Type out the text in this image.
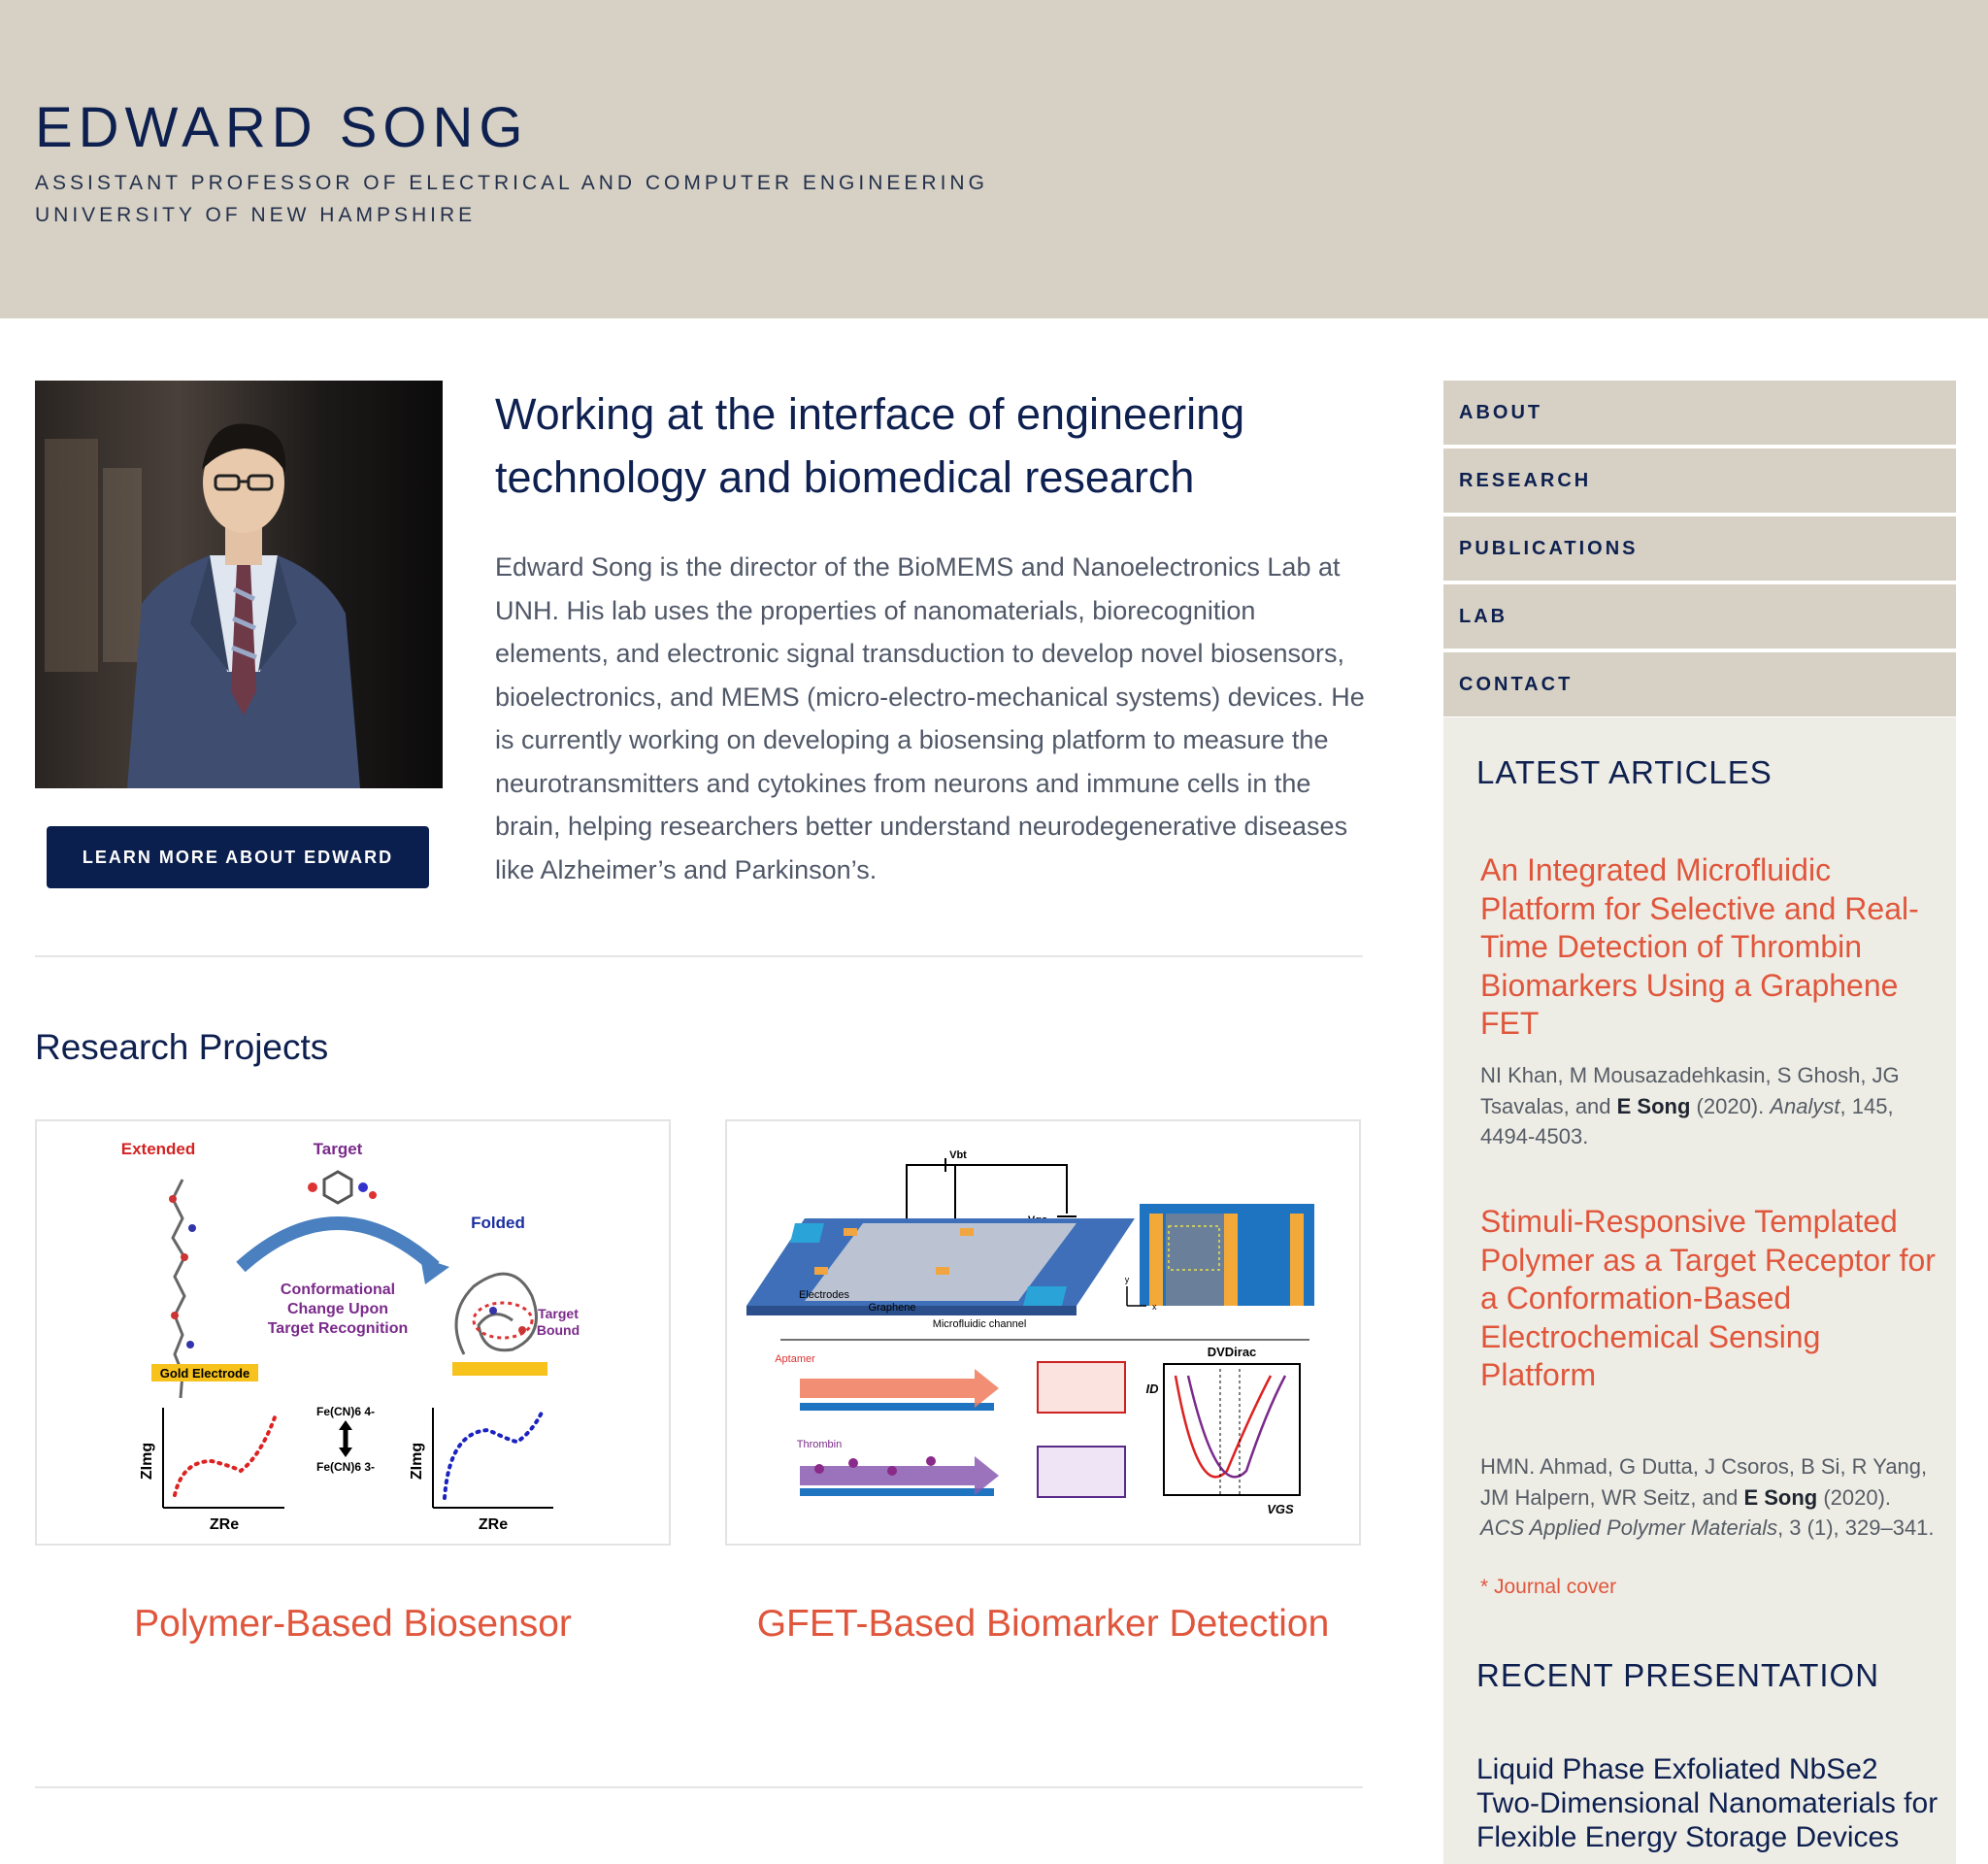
EDWARD SONG
ASSISTANT PROFESSOR OF ELECTRICAL AND COMPUTER ENGINEERING
UNIVERSITY OF NEW HAMPSHIRE
LEARN MORE ABOUT EDWARD
Working at the interface of engineering technology and biomedical research

Edward Song is the director of the BioMEMS and Nanoelectronics Lab at UNH. His lab uses the properties of nanomaterials, biorecognition elements, and electronic signal transduction to develop novel biosensors, bioelectronics, and MEMS (micro-electro-mechanical systems) devices. He is currently working on developing a biosensing platform to measure the neurotransmitters and cytokines from neurons and immune cells in the brain, helping researchers better understand neurodegenerative diseases like Alzheimer’s and Parkinson’s.

Research Projects
Extended	Target
Folded
Conformational
Change Upon
Target Recognition
Target
Bound
Gold Electrode
ZImg
ZRe
Fe(CN)6 4-
Fe(CN)6 3- ZImg
ZRe
Polymer-Based Biosensor
Vbt
Electrodes
Graphene
Microfluidic channel
y
x
Aptamer
Thrombin
ID
VGS
DVDirac
GFET-Based Biomarker Detection
ABOUT
RESEARCH
PUBLICATIONS
LAB
CONTACT
LATEST ARTICLES
An Integrated Microfluidic Platform for Selective and Real-Time Detection of Thrombin Biomarkers Using a Graphene FET
NI Khan, M Mousazadehkasin, S Ghosh, JG Tsavalas, and E Song (2020). Analyst, 145, 4494-4503.
Stimuli-Responsive Templated Polymer as a Target Receptor for a Conformation-Based Electrochemical Sensing Platform
HMN. Ahmad, G Dutta, J Csoros, B Si, R Yang, JM Halpern, WR Seitz, and E Song (2020). ACS Applied Polymer Materials, 3 (1), 329–341.
* Journal cover
RECENT PRESENTATION
Liquid Phase Exfoliated NbSe2 Two-Dimensional Nanomaterials for Flexible Energy Storage Devices
